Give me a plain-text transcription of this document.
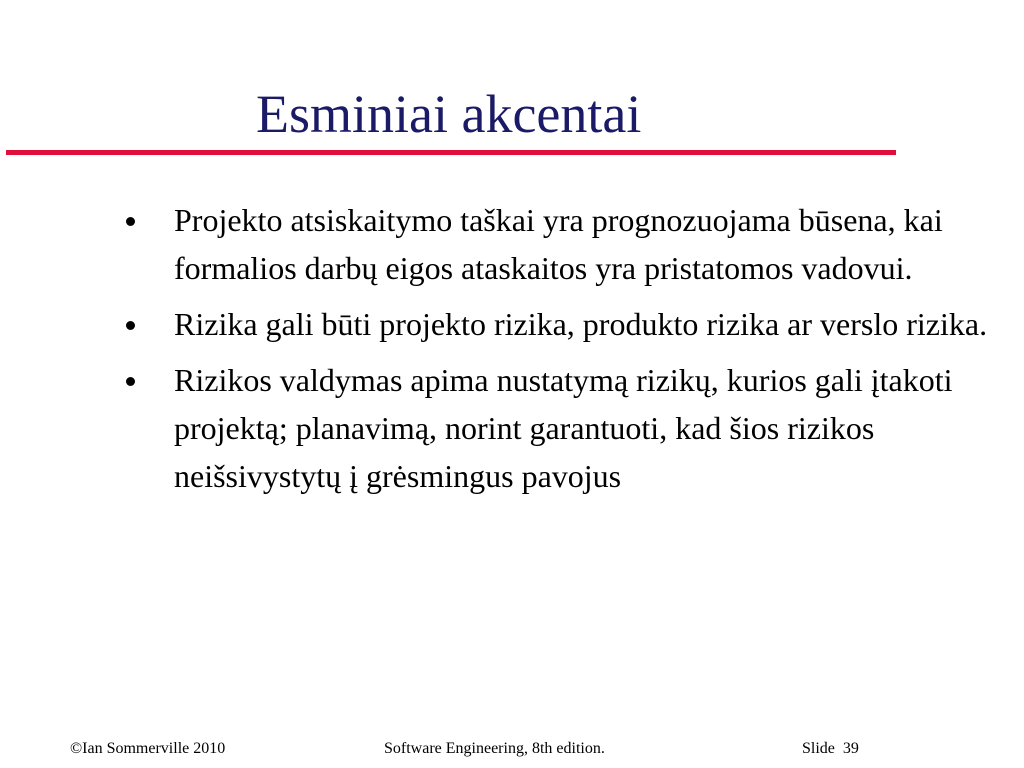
Esminiai akcentai
Projekto atsiskaitymo taškai yra prognozuojama būsena, kai formalios darbų eigos ataskaitos yra pristatomos vadovui.
Rizika gali būti projekto rizika, produkto rizika ar verslo rizika.
Rizikos valdymas apima nustatymą rizikų, kurios gali įtakoti projektą; planavimą, norint garantuoti, kad šios rizikos neišsivystytų į grėsmingus pavojus
©Ian Sommerville 2010	Software Engineering, 8th edition.	Slide 39
